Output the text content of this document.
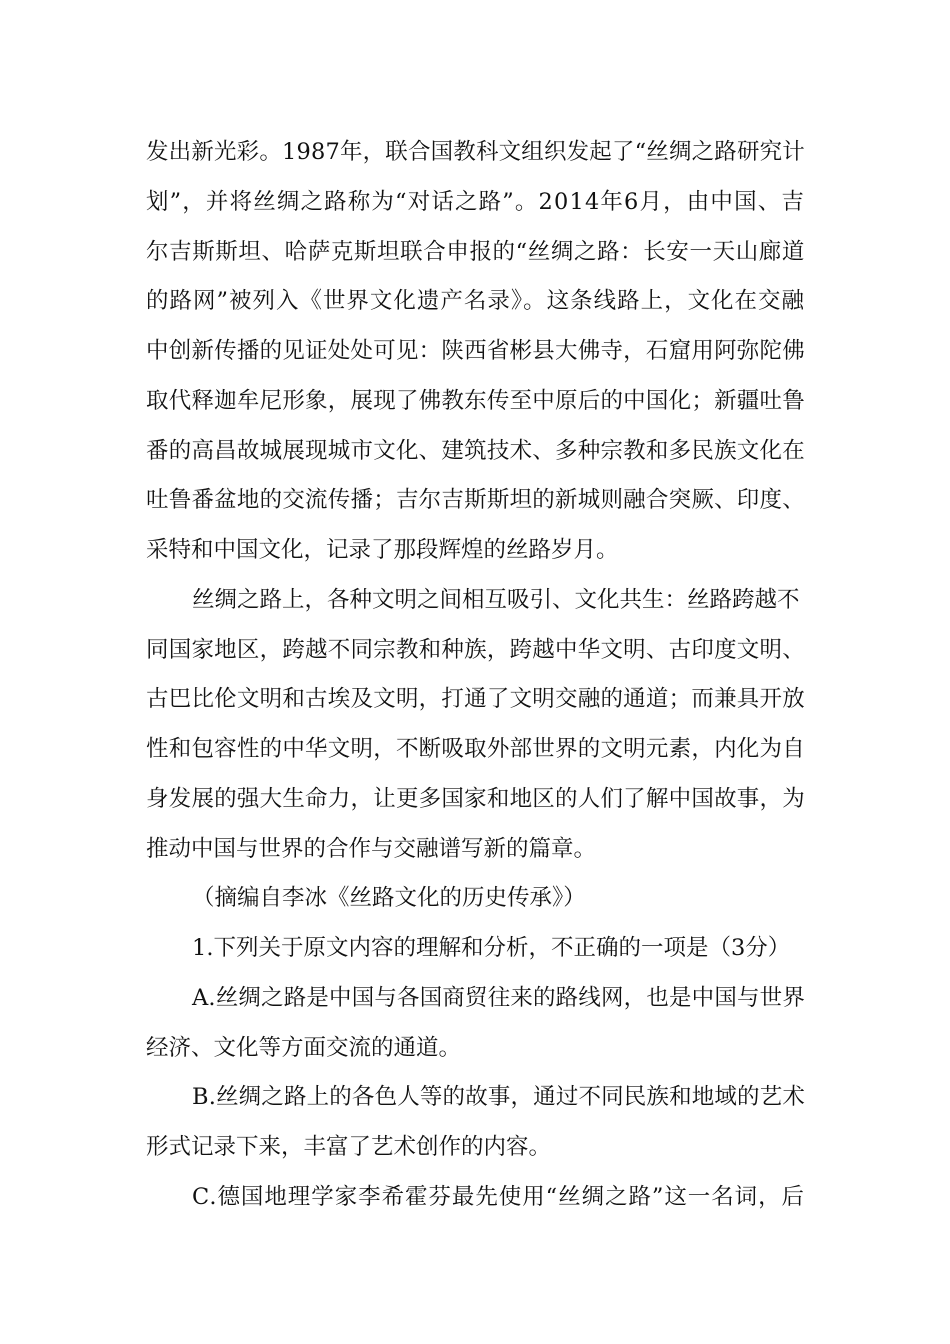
发出新光彩。1987年，联合国教科文组织发起了“丝绸之路研究计
划”，并将丝绸之路称为“对话之路”。2014年6月，由中国、吉
尔吉斯斯坦、哈萨克斯坦联合申报的“丝绸之路：长安一天山廊道
的路网”被列入《世界文化遗产名录》。这条线路上，文化在交融
中创新传播的见证处处可见：陕西省彬县大佛寺，石窟用阿弥陀佛
取代释迦牟尼形象，展现了佛教东传至中原后的中国化；新疆吐鲁
番的高昌故城展现城市文化、建筑技术、多种宗教和多民族文化在
吐鲁番盆地的交流传播；吉尔吉斯斯坦的新城则融合突厥、印度、
采特和中国文化，记录了那段辉煌的丝路岁月。
丝绸之路上，各种文明之间相互吸引、文化共生：丝路跨越不
同国家地区，跨越不同宗教和种族，跨越中华文明、古印度文明、
古巴比伦文明和古埃及文明，打通了文明交融的通道；而兼具开放
性和包容性的中华文明，不断吸取外部世界的文明元素，内化为自
身发展的强大生命力，让更多国家和地区的人们了解中国故事，为
推动中国与世界的合作与交融谱写新的篇章。
（摘编自李冰《丝路文化的历史传承》）
1.下列关于原文内容的理解和分析，不正确的一项是（3分）
A.丝绸之路是中国与各国商贸往来的路线网，也是中国与世界
经济、文化等方面交流的通道。
B.丝绸之路上的各色人等的故事，通过不同民族和地域的艺术
形式记录下来，丰富了艺术创作的内容。
C.德国地理学家李希霍芬最先使用“丝绸之路”这一名词，后
